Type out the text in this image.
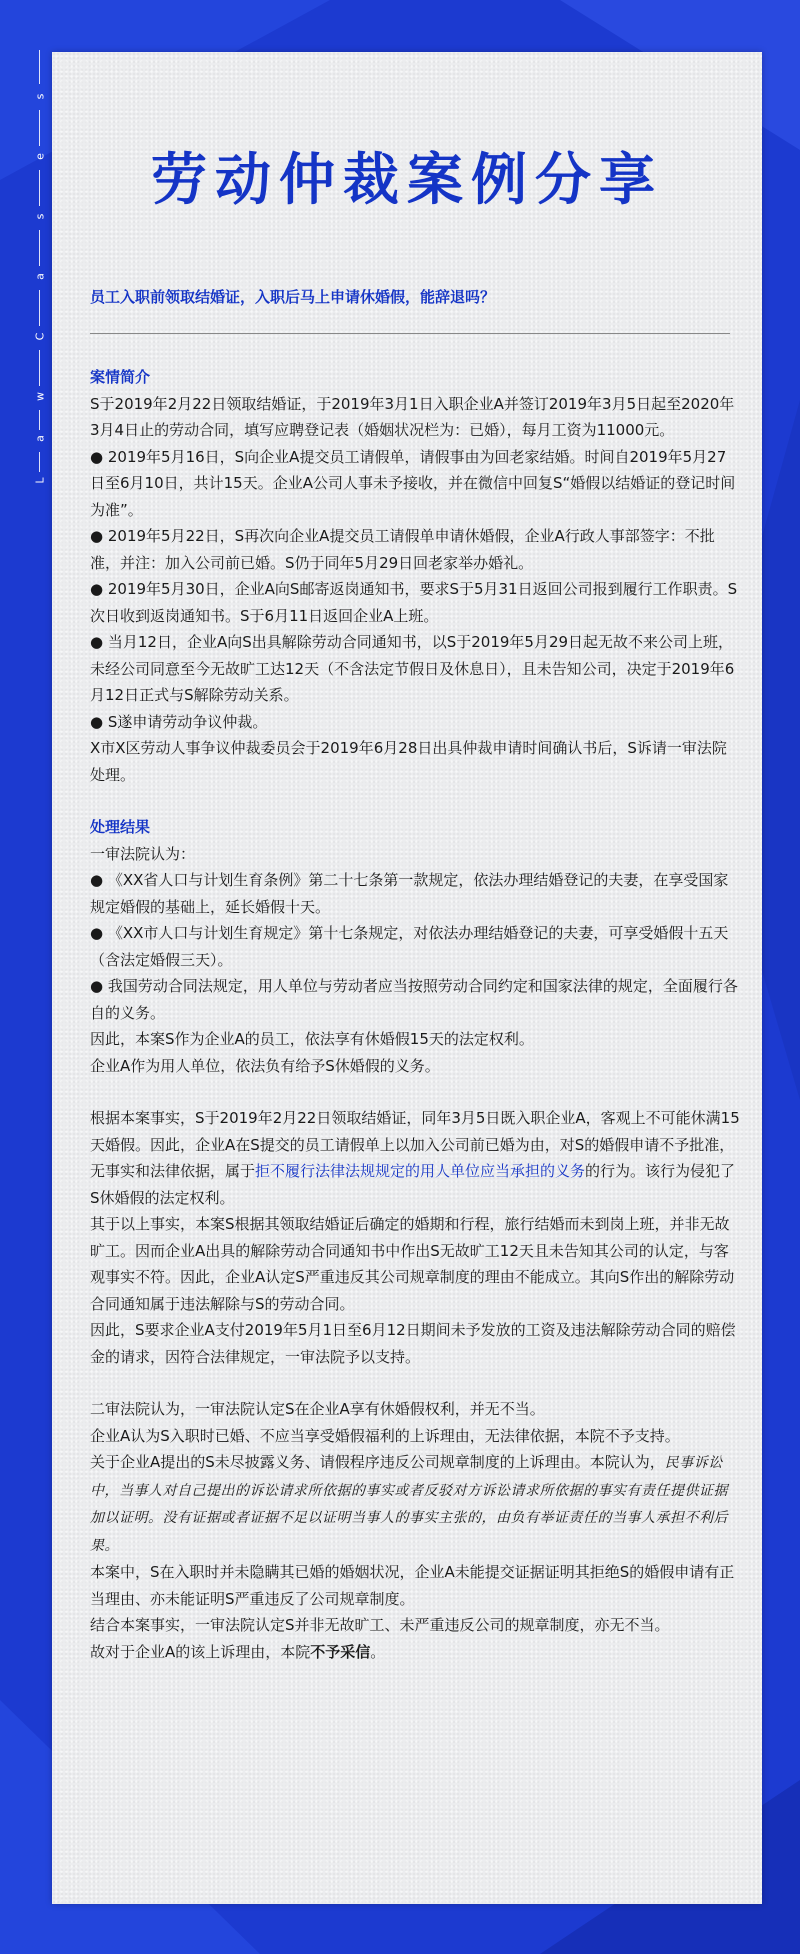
s
e
s
a
C
w
a
L
劳动仲裁案例分享
员工入职前领取结婚证，入职后马上申请休婚假，能辞退吗？

案情简介

S于2019年2月22日领取结婚证，于2019年3月1日入职企业A并签订2019年3月5日起至2020年3月4日止的劳动合同，填写应聘登记表（婚姻状况栏为：已婚），每月工资为11000元。

● 2019年5月16日，S向企业A提交员工请假单，请假事由为回老家结婚。时间自2019年5月27日至6月10日，共计15天。企业A公司人事未予接收，并在微信中回复S“婚假以结婚证的登记时间为准”。

● 2019年5月22日，S再次向企业A提交员工请假单申请休婚假，企业A行政人事部签字：不批准，并注：加入公司前已婚。S仍于同年5月29日回老家举办婚礼。

● 2019年5月30日，企业A向S邮寄返岗通知书，要求S于5月31日返回公司报到履行工作职责。S次日收到返岗通知书。S于6月11日返回企业A上班。

● 当月12日，企业A向S出具解除劳动合同通知书，以S于2019年5月29日起无故不来公司上班，未经公司同意至今无故旷工达12天（不含法定节假日及休息日），且未告知公司，决定于2019年6月12日正式与S解除劳动关系。

● S遂申请劳动争议仲裁。

X市X区劳动人事争议仲裁委员会于2019年6月28日出具仲裁申请时间确认书后，S诉请一审法院处理。

处理结果

一审法院认为：

● 《XX省人口与计划生育条例》第二十七条第一款规定，依法办理结婚登记的夫妻，在享受国家规定婚假的基础上，延长婚假十天。

● 《XX市人口与计划生育规定》第十七条规定，对依法办理结婚登记的夫妻，可享受婚假十五天（含法定婚假三天）。

● 我国劳动合同法规定，用人单位与劳动者应当按照劳动合同约定和国家法律的规定，全面履行各自的义务。

因此，本案S作为企业A的员工，依法享有休婚假15天的法定权利。

企业A作为用人单位，依法负有给予S休婚假的义务。

根据本案事实，S于2019年2月22日领取结婚证，同年3月5日既入职企业A，客观上不可能休满15天婚假。因此，企业A在S提交的员工请假单上以加入公司前已婚为由，对S的婚假申请不予批准，无事实和法律依据，属于拒不履行法律法规规定的用人单位应当承担的义务的行为。该行为侵犯了S休婚假的法定权利。

其于以上事实，本案S根据其领取结婚证后确定的婚期和行程，旅行结婚而未到岗上班，并非无故旷工。因而企业A出具的解除劳动合同通知书中作出S无故旷工12天且未告知其公司的认定，与客观事实不符。因此，企业A认定S严重违反其公司规章制度的理由不能成立。其向S作出的解除劳动合同通知属于违法解除与S的劳动合同。

因此，S要求企业A支付2019年5月1日至6月12日期间未予发放的工资及违法解除劳动合同的赔偿金的请求，因符合法律规定，一审法院予以支持。

二审法院认为，一审法院认定S在企业A享有休婚假权利，并无不当。

企业A认为S入职时已婚、不应当享受婚假福利的上诉理由，无法律依据，本院不予支持。

关于企业A提出的S未尽披露义务、请假程序违反公司规章制度的上诉理由。本院认为，民事诉讼中，当事人对自己提出的诉讼请求所依据的事实或者反驳对方诉讼请求所依据的事实有责任提供证据加以证明。没有证据或者证据不足以证明当事人的事实主张的，由负有举证责任的当事人承担不利后果。

本案中，S在入职时并未隐瞒其已婚的婚姻状况，企业A未能提交证据证明其拒绝S的婚假申请有正当理由、亦未能证明S严重违反了公司规章制度。

结合本案事实，一审法院认定S并非无故旷工、未严重违反公司的规章制度，亦无不当。

故对于企业A的该上诉理由，本院不予采信。
